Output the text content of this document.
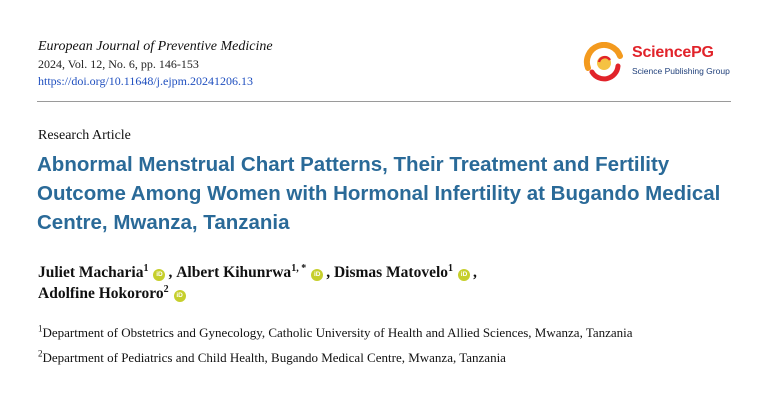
European Journal of Preventive Medicine
2024, Vol. 12, No. 6, pp. 146-153
https://doi.org/10.11648/j.ejpm.20241206.13
SciencePG
Science Publishing Group
Research Article
Abnormal Menstrual Chart Patterns, Their Treatment and Fertility Outcome Among Women with Hormonal Infertility at Bugando Medical Centre, Mwanza, Tanzania
Juliet Macharia$^1$iD , Albert Kihunrwa$^{1, *}$iD , Dismas Matovelo$^1$iD ,
Adolfine Hokororo$^2$iD
$^1$Department of Obstetrics and Gynecology, Catholic University of Health and Allied Sciences, Mwanza, Tanzania
$^2$Department of Pediatrics and Child Health, Bugando Medical Centre, Mwanza, Tanzania
